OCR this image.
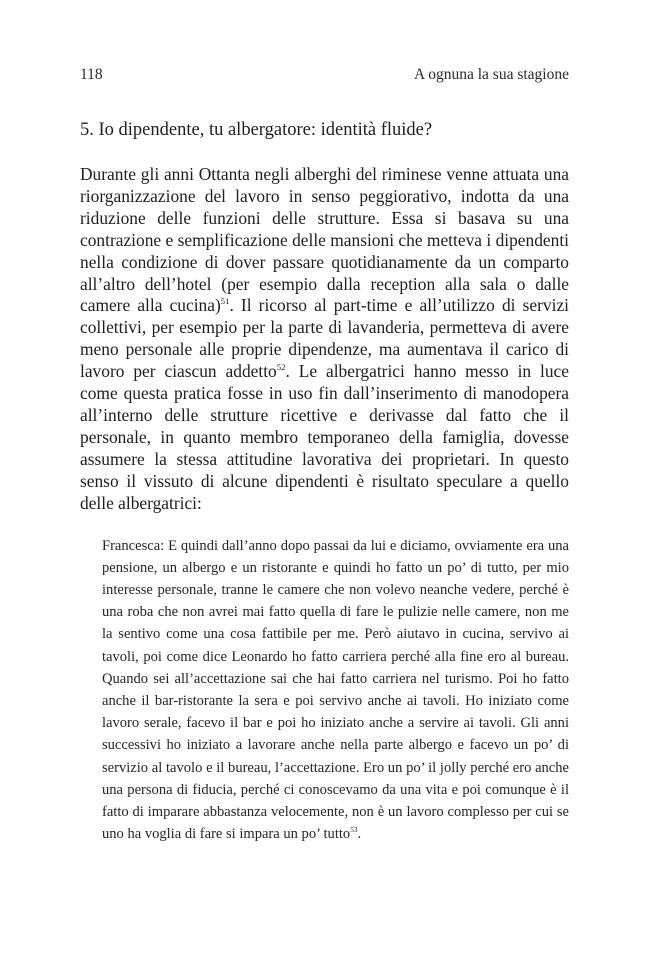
118	A ognuna la sua stagione
5. Io dipendente, tu albergatore: identità fluide?

Durante gli anni Ottanta negli alberghi del riminese venne attuata una riorganizzazione del lavoro in senso peggiorativo, indotta da una riduzione delle funzioni delle strutture. Essa si basava su una contrazione e semplificazione delle mansioni che metteva i dipendenti nella condizione di dover passare quotidianamente da un comparto all’altro dell’hotel (per esempio dalla reception alla sala o dalle camere alla cucina)$^{51}$. Il ricorso al part-time e all’utilizzo di servizi collettivi, per esempio per la parte di lavanderia, permetteva di avere meno personale alle proprie dipendenze, ma aumentava il carico di lavoro per ciascun addetto$^{52}$. Le albergatrici hanno messo in luce come questa pratica fosse in uso fin dall’inserimento di manodopera all’interno delle strutture ricettive e derivasse dal fatto che il personale, in quanto membro temporaneo della famiglia, dovesse assumere la stessa attitudine lavorativa dei proprietari. In questo senso il vissuto di alcune dipendenti è risultato speculare a quello delle albergatrici:

Francesca: E quindi dall’anno dopo passai da lui e diciamo, ovviamente era una pensione, un albergo e un ristorante e quindi ho fatto un po’ di tutto, per mio interesse personale, tranne le camere che non volevo neanche vedere, perché è una roba che non avrei mai fatto quella di fare le pulizie nelle camere, non me la sentivo come una cosa fattibile per me. Però aiutavo in cucina, servivo ai tavoli, poi come dice Leonardo ho fatto carriera perché alla fine ero al bureau. Quando sei all’accettazione sai che hai fatto carriera nel turismo. Poi ho fatto anche il bar-ristorante la sera e poi servivo anche ai tavoli. Ho iniziato come lavoro serale, facevo il bar e poi ho iniziato anche a servire ai tavoli. Gli anni successivi ho iniziato a lavorare anche nella parte albergo e facevo un po’ di servizio al tavolo e il bureau, l’accettazione. Ero un po’ il jolly perché ero anche una persona di fiducia, perché ci conoscevamo da una vita e poi comunque è il fatto di imparare abbastanza velocemente, non è un lavoro complesso per cui se uno ha voglia di fare si impara un po’ tutto$^{53}$.
